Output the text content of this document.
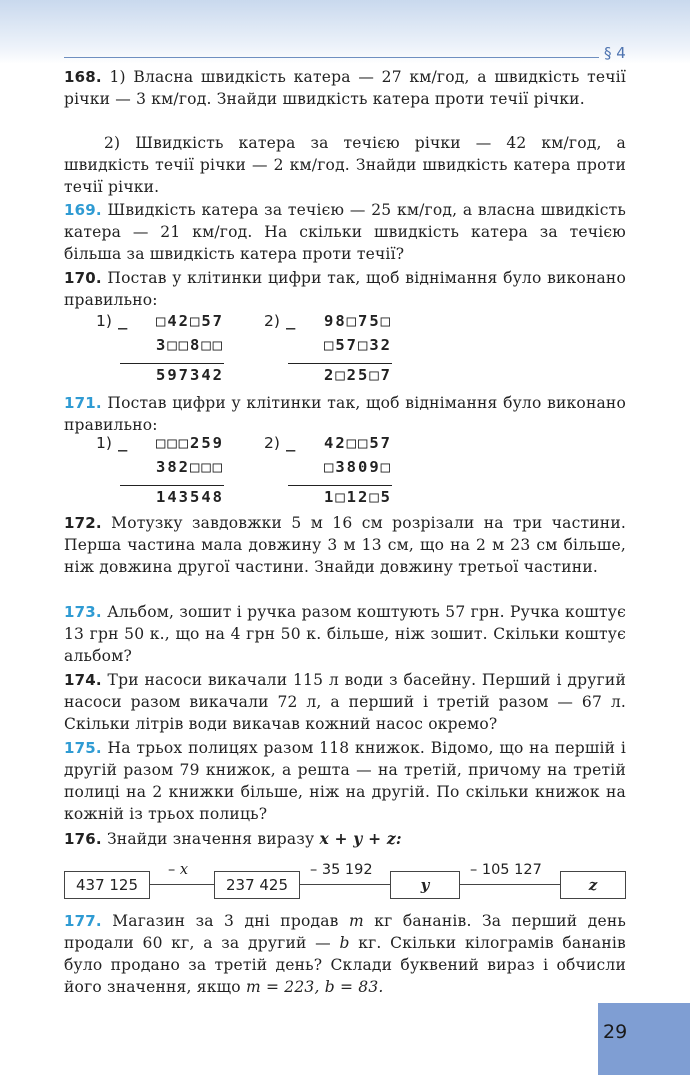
§ 4

168. 1) Власна швидкість катера — 27 км/год, а швидкість течії річки — 3 км/год. Знайди швидкість катера проти течії річки.

2) Швидкість катера за течією річки — 42 км/год, а швидкість течії річки — 2 км/год. Знайди швидкість катера проти течії річки.

169. Швидкість катера за течією — 25 км/год, а власна швидкість катера — 21 км/год. На скільки швидкість катера за течією більша за швидкість катера проти течії?

170. Постав у клітинки цифри так, щоб віднімання було виконано правильно:

1) _ □42□57
3□□8□□
597342
2) _ 98□75□
□57□32
2□25□7

171. Постав цифри у клітинки так, щоб віднімання було виконано правильно:

1) _ □□□259
382□□□
143548
2) _ 42□□57
□3809□
1□12□5

172. Мотузку завдовжки 5 м 16 см розрізали на три частини. Перша частина мала довжину 3 м 13 см, що на 2 м 23 см більше, ніж довжина другої частини. Знайди довжину третьої частини.

173. Альбом, зошит і ручка разом коштують 57 грн. Ручка коштує 13 грн 50 к., що на 4 грн 50 к. більше, ніж зошит. Скільки коштує альбом?

174. Три насоси викачали 115 л води з басейну. Перший і другий насоси разом викачали 72 л, а перший і третій разом — 67 л. Скільки літрів води викачав кожний насос окремо?

175. На трьох полицях разом 118 книжок. Відомо, що на першій і другій разом 79 книжок, а решта — на третій, причому на третій полиці на 2 книжки більше, ніж на другій. По скільки книжок на кожній із трьох полиць?

176. Знайди значення виразу x + y + z:

437 125
– x
237 425
– 35 192
y
– 105 127
z

177. Магазин за 3 дні продав m кг бананів. За перший день продали 60 кг, а за другий — b кг. Скільки кілограмів бананів було продано за третій день? Склади буквений вираз і обчисли його значення, якщо m = 223, b = 83.

29
